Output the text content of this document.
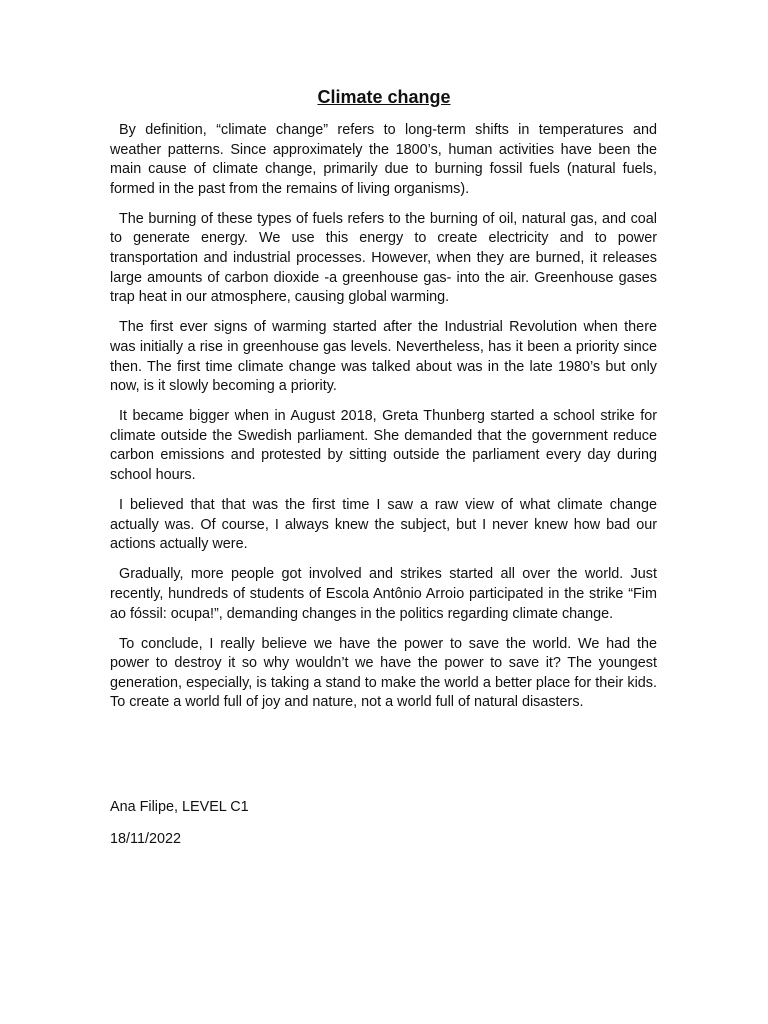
Climate change

By definition, “climate change” refers to long-term shifts in temperatures and weather patterns. Since approximately the 1800’s, human activities have been the main cause of climate change, primarily due to burning fossil fuels (natural fuels, formed in the past from the remains of living organisms).

The burning of these types of fuels refers to the burning of oil, natural gas, and coal to generate energy. We use this energy to create electricity and to power transportation and industrial processes. However, when they are burned, it releases large amounts of carbon dioxide -a greenhouse gas- into the air. Greenhouse gases trap heat in our atmosphere, causing global warming.

The first ever signs of warming started after the Industrial Revolution when there was initially a rise in greenhouse gas levels. Nevertheless, has it been a priority since then. The first time climate change was talked about was in the late 1980’s but only now, is it slowly becoming a priority.

It became bigger when in August 2018, Greta Thunberg started a school strike for climate outside the Swedish parliament. She demanded that the government reduce carbon emissions and protested by sitting outside the parliament every day during school hours.

I believed that that was the first time I saw a raw view of what climate change actually was. Of course, I always knew the subject, but I never knew how bad our actions actually were.

Gradually, more people got involved and strikes started all over the world. Just recently, hundreds of students of Escola Antônio Arroio participated in the strike “Fim ao fóssil: ocupa!”, demanding changes in the politics regarding climate change.

To conclude, I really believe we have the power to save the world. We had the power to destroy it so why wouldn’t we have the power to save it? The youngest generation, especially, is taking a stand to make the world a better place for their kids. To create a world full of joy and nature, not a world full of natural disasters.

Ana Filipe, LEVEL C1

18/11/2022
